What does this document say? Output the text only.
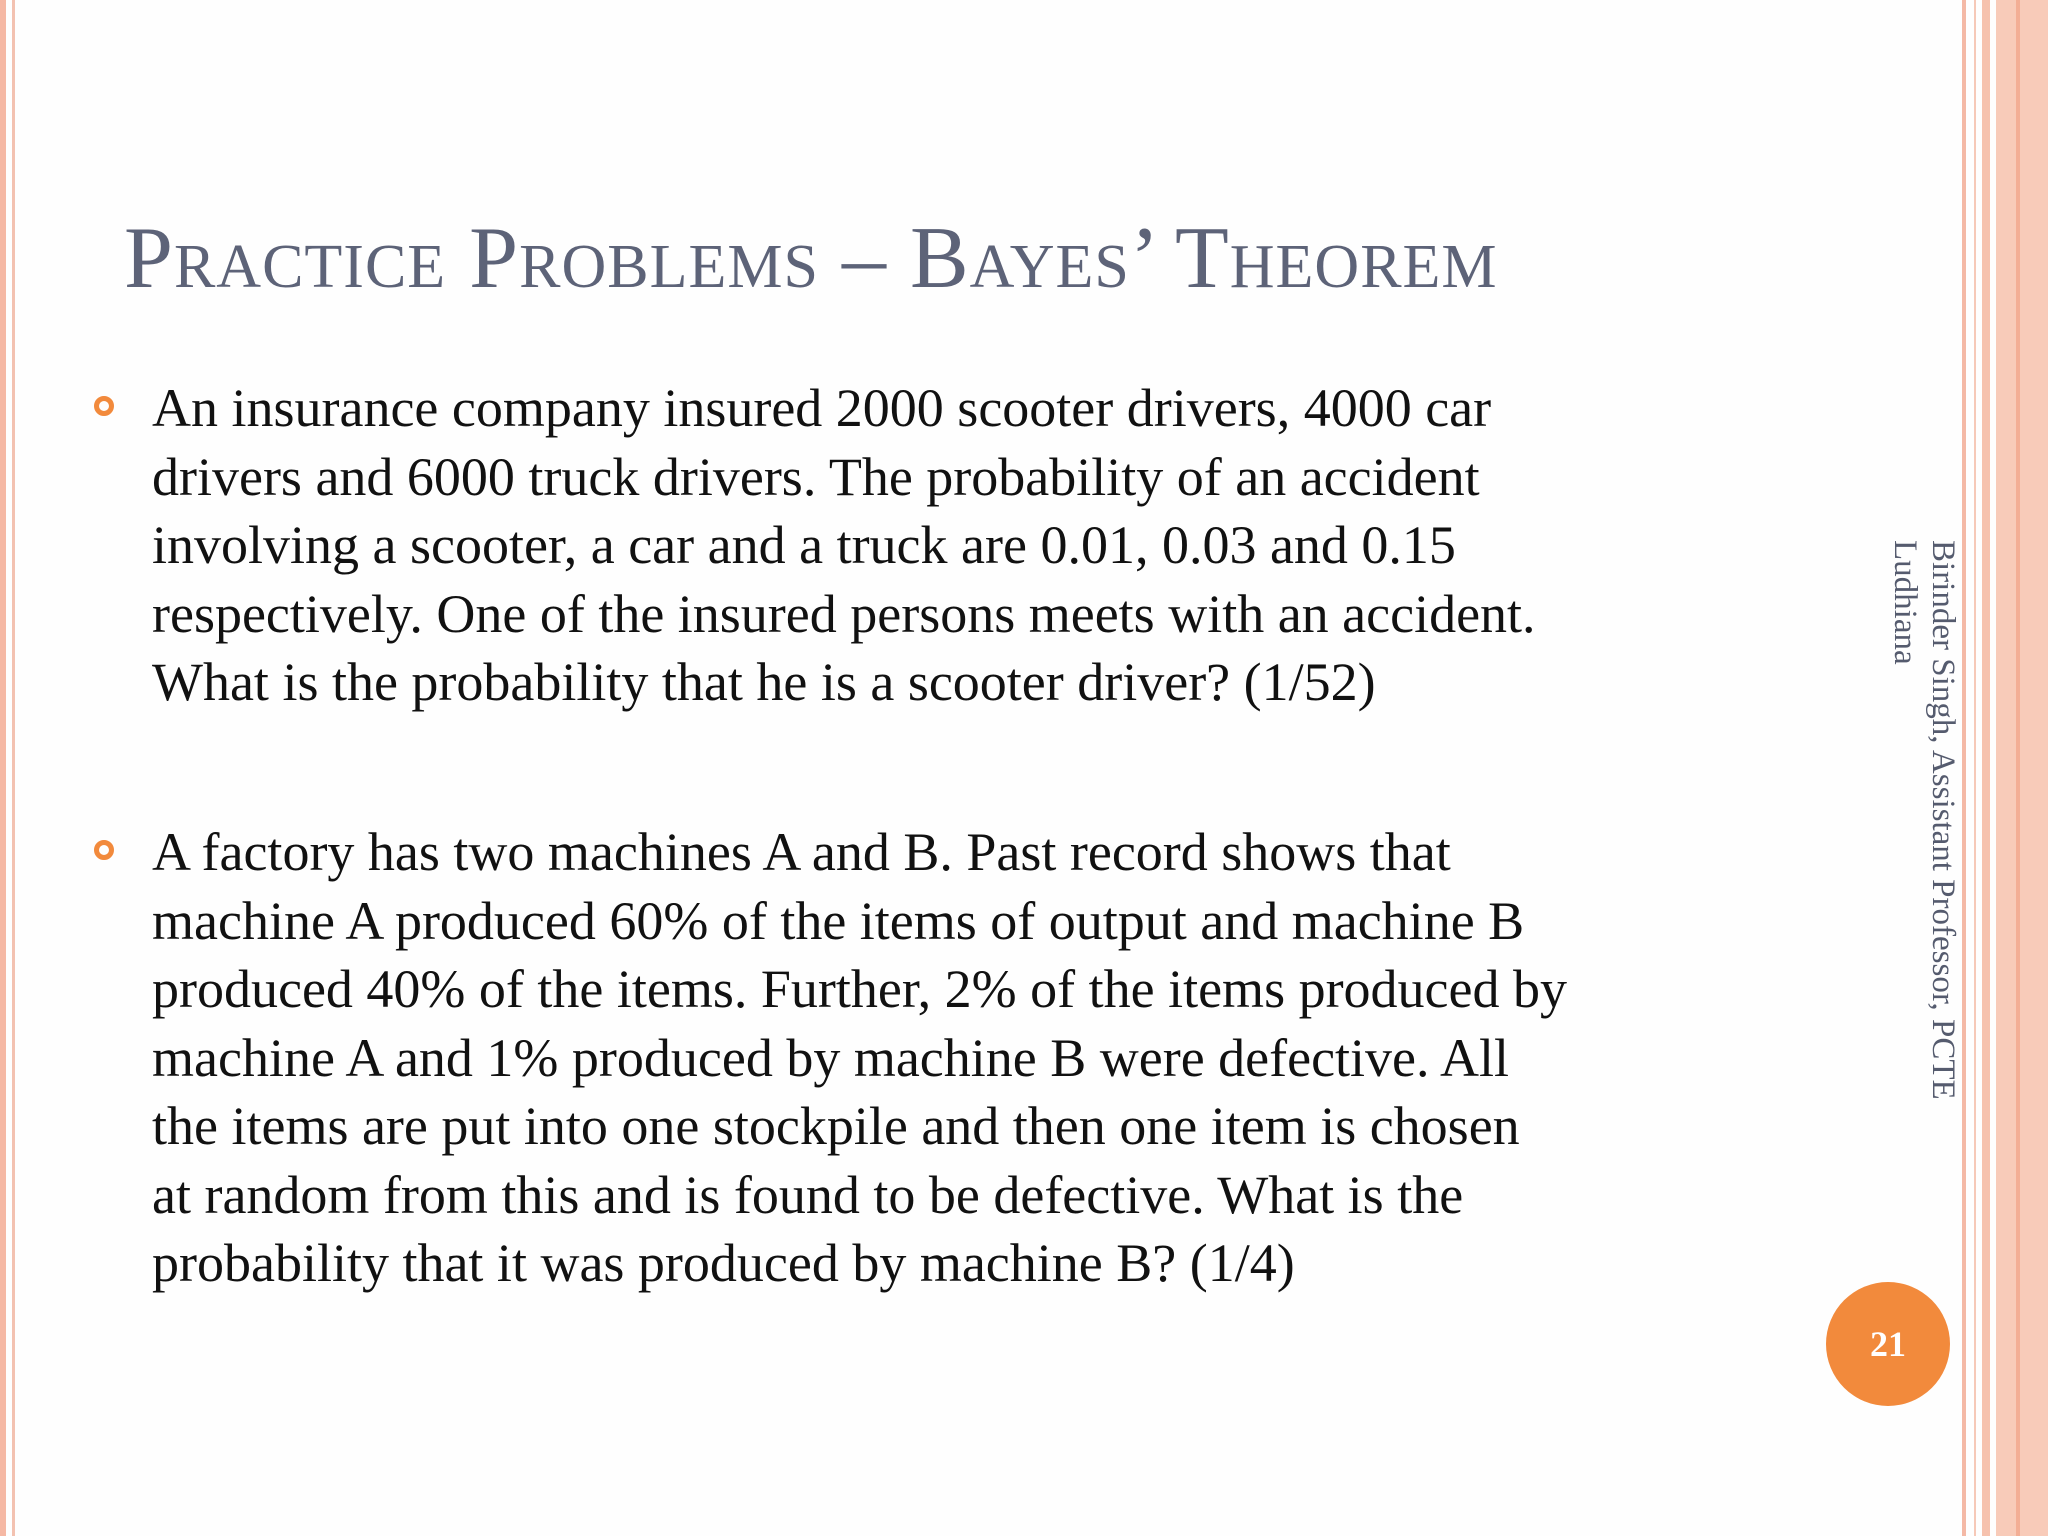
Practice Problems – Bayes’ Theorem
An insurance company insured 2000 scooter drivers, 4000 car
drivers and 6000 truck drivers. The probability of an accident
involving a scooter, a car and a truck are 0.01, 0.03 and 0.15
respectively. One of the insured persons meets with an accident.
What is the probability that he is a scooter driver? (1/52)
A factory has two machines A and B. Past record shows that
machine A produced 60% of the items of output and machine B
produced 40% of the items. Further, 2% of the items produced by
machine A and 1% produced by machine B were defective. All
the items are put into one stockpile and then one item is chosen
at random from this and is found to be defective. What is the
probability that it was produced by machine B? (1/4)
Birinder Singh, Assistant Professor, PCTE
Ludhiana
21
